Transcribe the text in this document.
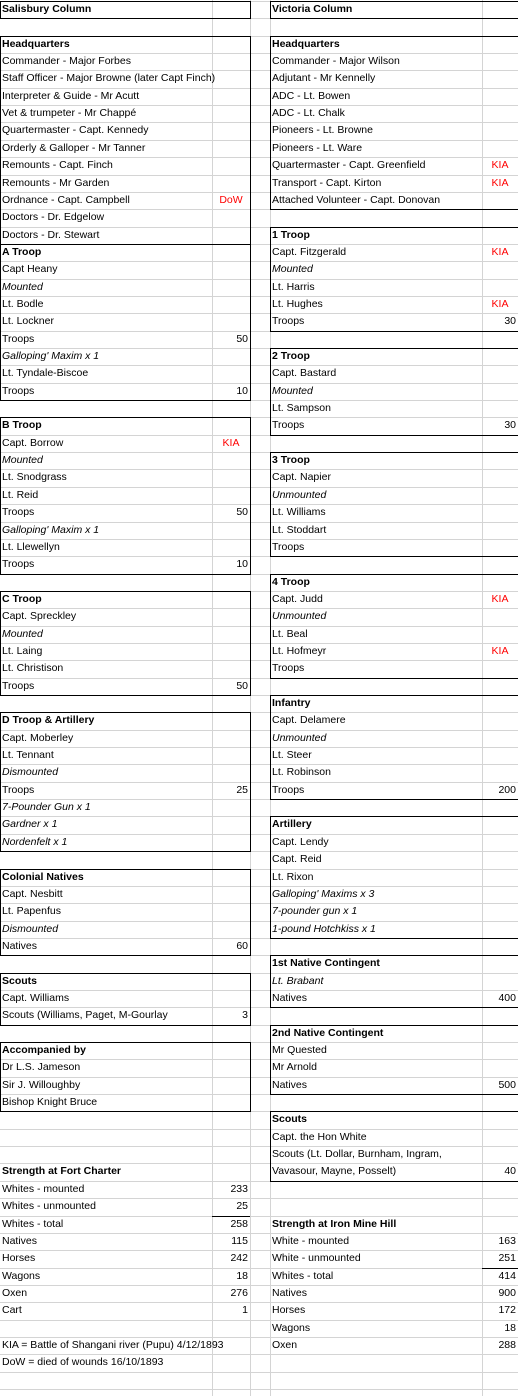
Salisbury Column
Headquarters
Commander - Major Forbes
Staff Officer - Major Browne (later Capt Finch)
Interpreter & Guide - Mr Acutt
Vet & trumpeter - Mr Chappé
Quartermaster - Capt. Kennedy
Orderly & Galloper - Mr Tanner
Remounts - Capt. Finch
Remounts - Mr Garden
Ordnance - Capt. Campbell	DoW
Doctors - Dr. Edgelow
Doctors - Dr. Stewart
A Troop
Capt Heany
Mounted
Lt. Bodle
Lt. Lockner
Troops	50
Galloping' Maxim x 1
Lt. Tyndale-Biscoe
Troops	10
B Troop
Capt. Borrow	KIA
Mounted
Lt. Snodgrass
Lt. Reid
Troops	50
Galloping' Maxim x 1
Lt. Llewellyn
Troops	10
C Troop
Capt. Spreckley
Mounted
Lt. Laing
Lt. Christison
Troops	50
D Troop & Artillery
Capt. Moberley
Lt. Tennant
Dismounted
Troops	25
7-Pounder Gun x 1
Gardner x 1
Nordenfelt x 1
Colonial Natives
Capt. Nesbitt
Lt. Papenfus
Dismounted
Natives	60
Scouts
Capt. Williams
Scouts (Williams, Paget, M-Gourlay	3
Accompanied by
Dr L.S. Jameson
Sir J. Willoughby
Bishop Knight Bruce
Strength at Fort Charter
Whites - mounted	233
Whites - unmounted	25
Whites - total	258
Natives	115
Horses	242
Wagons	18
Oxen	276
Cart	1
KIA = Battle of Shangani river (Pupu) 4/12/1893
DoW = died of wounds 16/10/1893
Victoria Column
Headquarters
Commander - Major Wilson
Adjutant - Mr Kennelly
ADC - Lt. Bowen
ADC - Lt. Chalk
Pioneers - Lt. Browne
Pioneers - Lt. Ware
Quartermaster - Capt. Greenfield	KIA
Transport - Capt. Kirton	KIA
Attached Volunteer - Capt. Donovan
1 Troop
Capt. Fitzgerald	KIA
Mounted
Lt. Harris
Lt. Hughes	KIA
Troops	30
2 Troop
Capt. Bastard
Mounted
Lt. Sampson
Troops	30
3 Troop
Capt. Napier
Unmounted
Lt. Williams
Lt. Stoddart
Troops
4 Troop
Capt. Judd	KIA
Unmounted
Lt. Beal
Lt. Hofmeyr	KIA
Troops
Infantry
Capt. Delamere
Unmounted
Lt. Steer
Lt. Robinson
Troops	200
Artillery
Capt. Lendy
Capt. Reid
Lt. Rixon
Galloping' Maxims x 3
7-pounder gun x 1
1-pound Hotchkiss x 1
1st Native Contingent
Lt. Brabant
Natives	400
2nd Native Contingent
Mr Quested
Mr Arnold
Natives	500
Scouts
Capt. the Hon White
Scouts (Lt. Dollar, Burnham, Ingram,
Vavasour, Mayne, Posselt)	40
Strength at Iron Mine Hill
White - mounted	163
White - unmounted	251
Whites - total	414
Natives	900
Horses	172
Wagons	18
Oxen	288
